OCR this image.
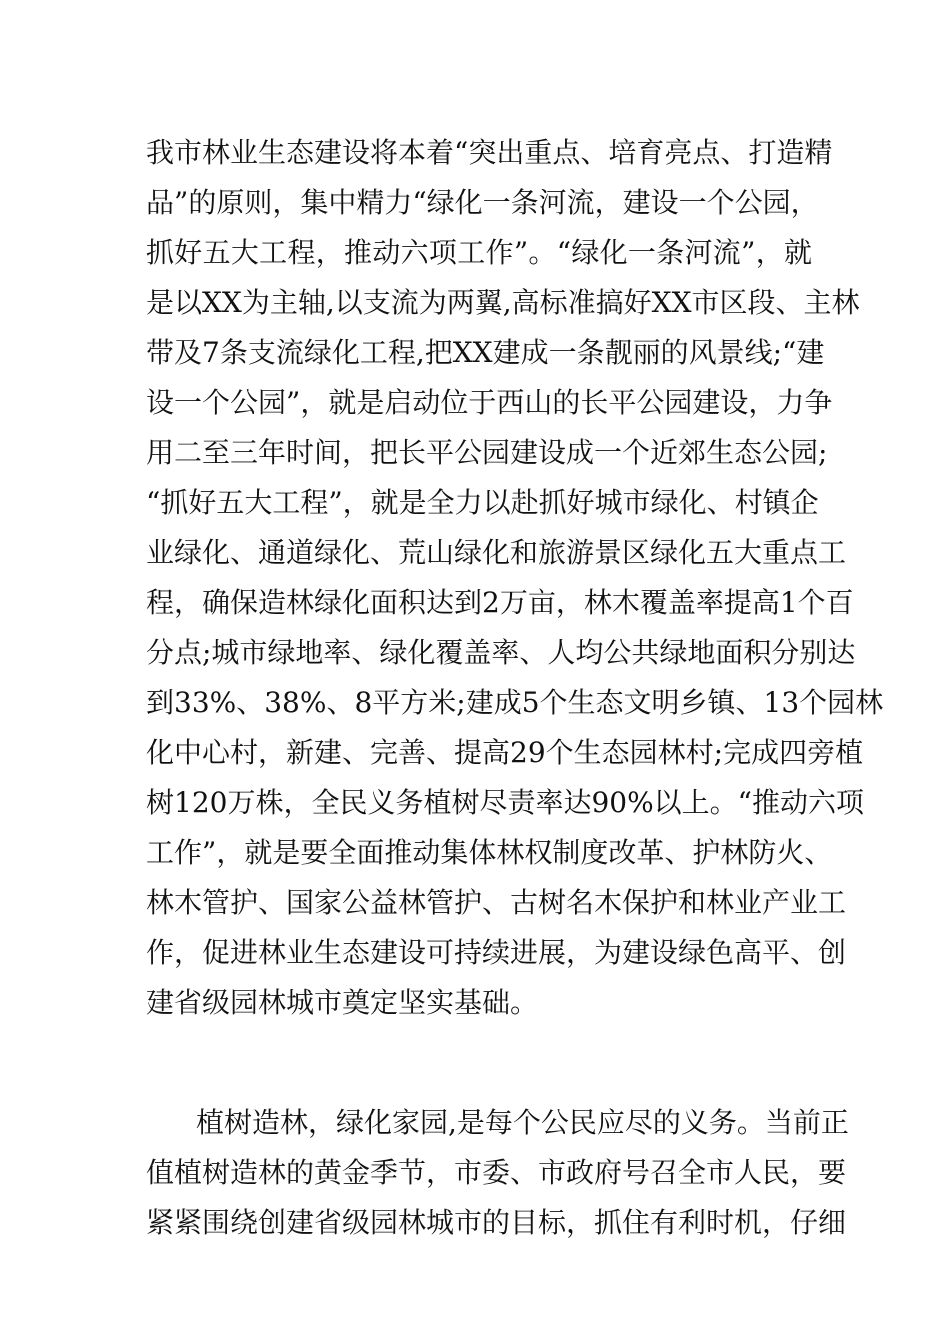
我市林业生态建设将本着“突出重点、培育亮点、打造精
品”的原则，集中精力“绿化一条河流，建设一个公园，
抓好五大工程，推动六项工作”。“绿化一条河流”，就
是以XX为主轴,以支流为两翼,高标准搞好XX市区段、主林
带及7条支流绿化工程,把XX建成一条靓丽的风景线;“建
设一个公园”，就是启动位于西山的长平公园建设，力争
用二至三年时间，把长平公园建设成一个近郊生态公园;
“抓好五大工程”，就是全力以赴抓好城市绿化、村镇企
业绿化、通道绿化、荒山绿化和旅游景区绿化五大重点工
程，确保造林绿化面积达到2万亩，林木覆盖率提高1个百
分点;城市绿地率、绿化覆盖率、人均公共绿地面积分别达
到33%、38%、8平方米;建成5个生态文明乡镇、13个园林
化中心村，新建、完善、提高29个生态园林村;完成四旁植
树120万株，全民义务植树尽责率达90%以上。“推动六项
工作”，就是要全面推动集体林权制度改革、护林防火、
林木管护、国家公益林管护、古树名木保护和林业产业工
作，促进林业生态建设可持续进展，为建设绿色高平、创
建省级园林城市奠定坚实基础。
植树造林，绿化家园,是每个公民应尽的义务。当前正
值植树造林的黄金季节，市委、市政府号召全市人民，要
紧紧围绕创建省级园林城市的目标，抓住有利时机，仔细
